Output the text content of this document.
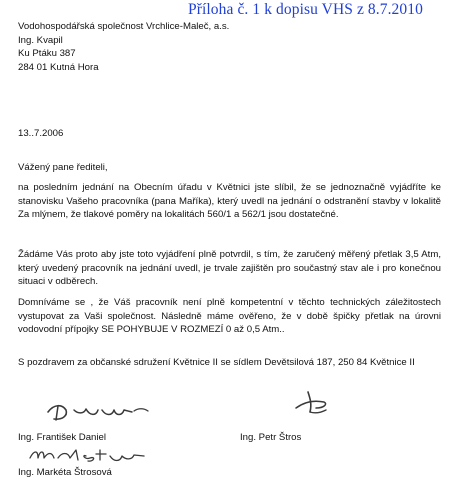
Příloha č. 1 k dopisu VHS z 8.7.2010
Vodohospodářská společnost Vrchlice-Maleč, a.s.
Ing. Kvapil
Ku Ptáku 387
284 01 Kutná Hora
13..7.2006
Vážený pane řediteli,
na posledním jednání na Obecním úřadu v Květnici jste slíbil, že se jednoznačně vyjádříte ke stanovisku Vašeho pracovníka (pana Maříka), který uvedl na jednání o odstranění stavby v lokalitě Za mlýnem, že tlakové poměry na lokalitách 560/1 a 562/1 jsou dostatečné.
Žádáme Vás proto aby jste toto vyjádření plně potvrdil, s tím, že zaručený měřený přetlak 3,5 Atm, který uvedený pracovník na jednání uvedl, je trvale zajištěn pro součastný stav ale i pro konečnou situaci v odběrech.
Domníváme se , že Váš pracovník není plně kompetentní v těchto technických záležitostech vystupovat za Vaši společnost. Následně máme ověřeno, že v době špičky přetlak na úrovni vodovodní přípojky SE POHYBUJE V ROZMEZÍ 0 až 0,5 Atm..
S pozdravem za občanské sdružení Květnice II se sídlem Devětsilová 187, 250 84 Květnice II
Ing. František Daniel	Ing. Petr Štros
Ing. Markéta Štrosová
